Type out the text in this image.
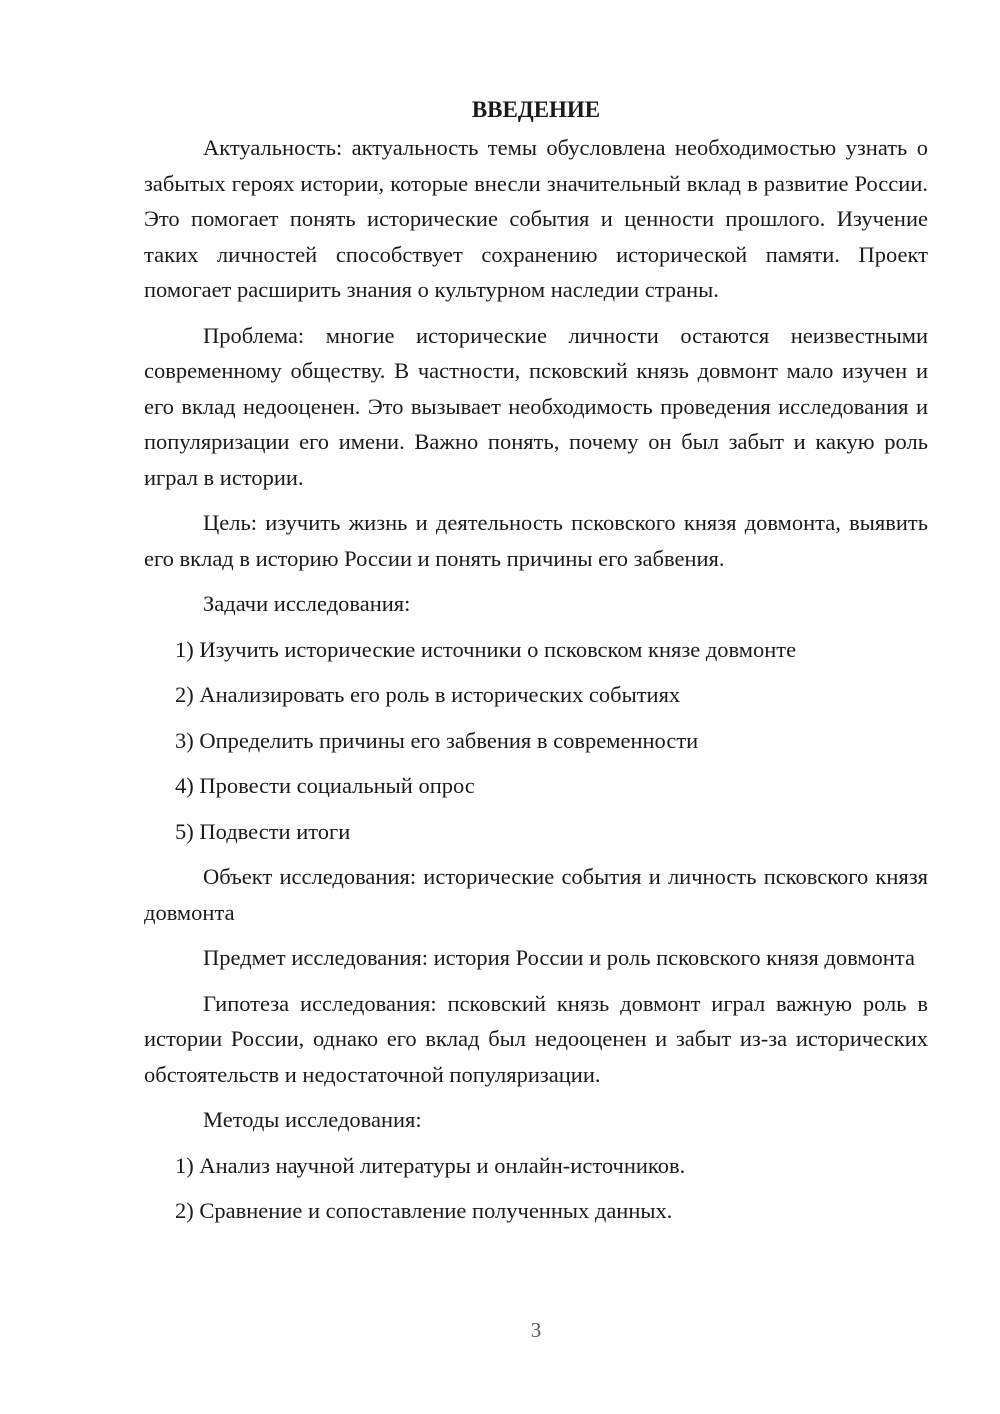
ВВЕДЕНИЕ

Актуальность: актуальность темы обусловлена необходимостью узнать о забытых героях истории, которые внесли значительный вклад в развитие России. Это помогает понять исторические события и ценности прошлого. Изучение таких личностей способствует сохранению исторической памяти. Проект помогает расширить знания о культурном наследии страны.

Проблема: многие исторические личности остаются неизвестными современному обществу. В частности, псковский князь довмонт мало изучен и его вклад недооценен. Это вызывает необходимость проведения исследования и популяризации его имени. Важно понять, почему он был забыт и какую роль играл в истории.

Цель: изучить жизнь и деятельность псковского князя довмонта, выявить его вклад в историю России и понять причины его забвения.

Задачи исследования:

1) Изучить исторические источники о псковском князе довмонте
2) Анализировать его роль в исторических событиях
3) Определить причины его забвения в современности
4) Провести социальный опрос
5) Подвести итоги

Объект исследования: исторические события и личность псковского князя довмонта

Предмет исследования: история России и роль псковского князя довмонта

Гипотеза исследования: псковский князь довмонт играл важную роль в истории России, однако его вклад был недооценен и забыт из-за исторических обстоятельств и недостаточной популяризации.

Методы исследования:

1) Анализ научной литературы и онлайн-источников.
2) Сравнение и сопоставление полученных данных.
3
